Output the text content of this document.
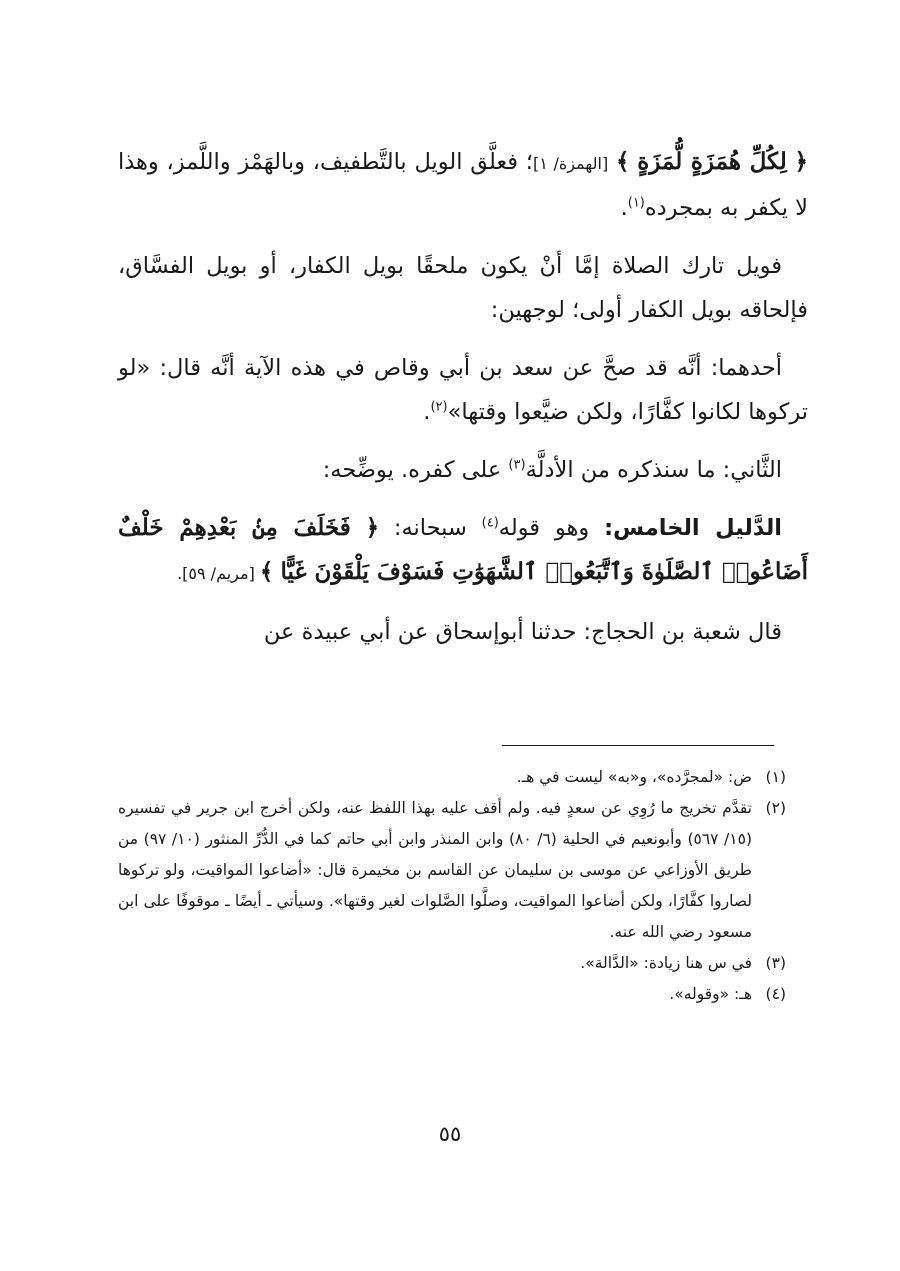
﴿ لِكُلِّ هُمَزَةٍ لُّمَزَةٍ ﴾ [الهمزة/ ١]؛ فعلَّق الويل بالتَّطفيف، وبالهَمْز واللَّمز، وهذا لا يكفر به بمجرده$^{(١)}$.

فويل تارك الصلاة إمَّا أنْ يكون ملحقًا بويل الكفار، أو بويل الفسَّاق، فإلحاقه بويل الكفار أولى؛ لوجهين:

أحدهما: أنَّه قد صحَّ عن سعد بن أبي وقاص في هذه الآية أنَّه قال: «لو تركوها لكانوا كفَّارًا، ولكن ضيَّعوا وقتها»$^{(٢)}$.

الثَّاني: ما سنذكره من الأدلَّة$^{(٣)}$ على كفره. يوضِّحه:

الدَّليل الخامس: وهو قوله$^{(٤)}$ سبحانه: ﴿ فَخَلَفَ مِنۢ بَعْدِهِمْ خَلْفٌ أَضَاعُوا۟ ٱلصَّلَوٰةَ وَٱتَّبَعُوا۟ ٱلشَّهَوَٰتِ فَسَوْفَ يَلْقَوْنَ غَيًّا ﴾ [مريم/ ٥٩].

قال شعبة بن الحجاج: حدثنا أبوإسحاق عن أبي عبيدة عن

(١)
ض: «لمجرَّده»، و«به» ليست في هـ.
(٢)
تقدَّم تخريج ما رُوِي عن سعدٍ فيه. ولم أقف عليه بهذا اللفظ عنه، ولكن أخرج ابن جرير في تفسيره (١٥/ ٥٦٧) وأبونعيم في الحلية (٦/ ٨٠) وابن المنذر وابن أبي حاتم كما في الدُّرِّ المنثور (١٠/ ٩٧) من طريق الأوزاعي عن موسى بن سليمان عن القاسم بن مخيمرة قال: «أضاعوا المواقيت، ولو تركوها لصاروا كفَّارًا، ولكن أضاعوا المواقيت، وصلَّوا الصَّلوات لغير وقتها». وسيأتي ـ أيضًا ـ موقوفًا على ابن مسعود رضي الله عنه.
(٣)
في س هنا زيادة: «الدَّالة».
(٤)
هـ: «وقوله».
٥٥
